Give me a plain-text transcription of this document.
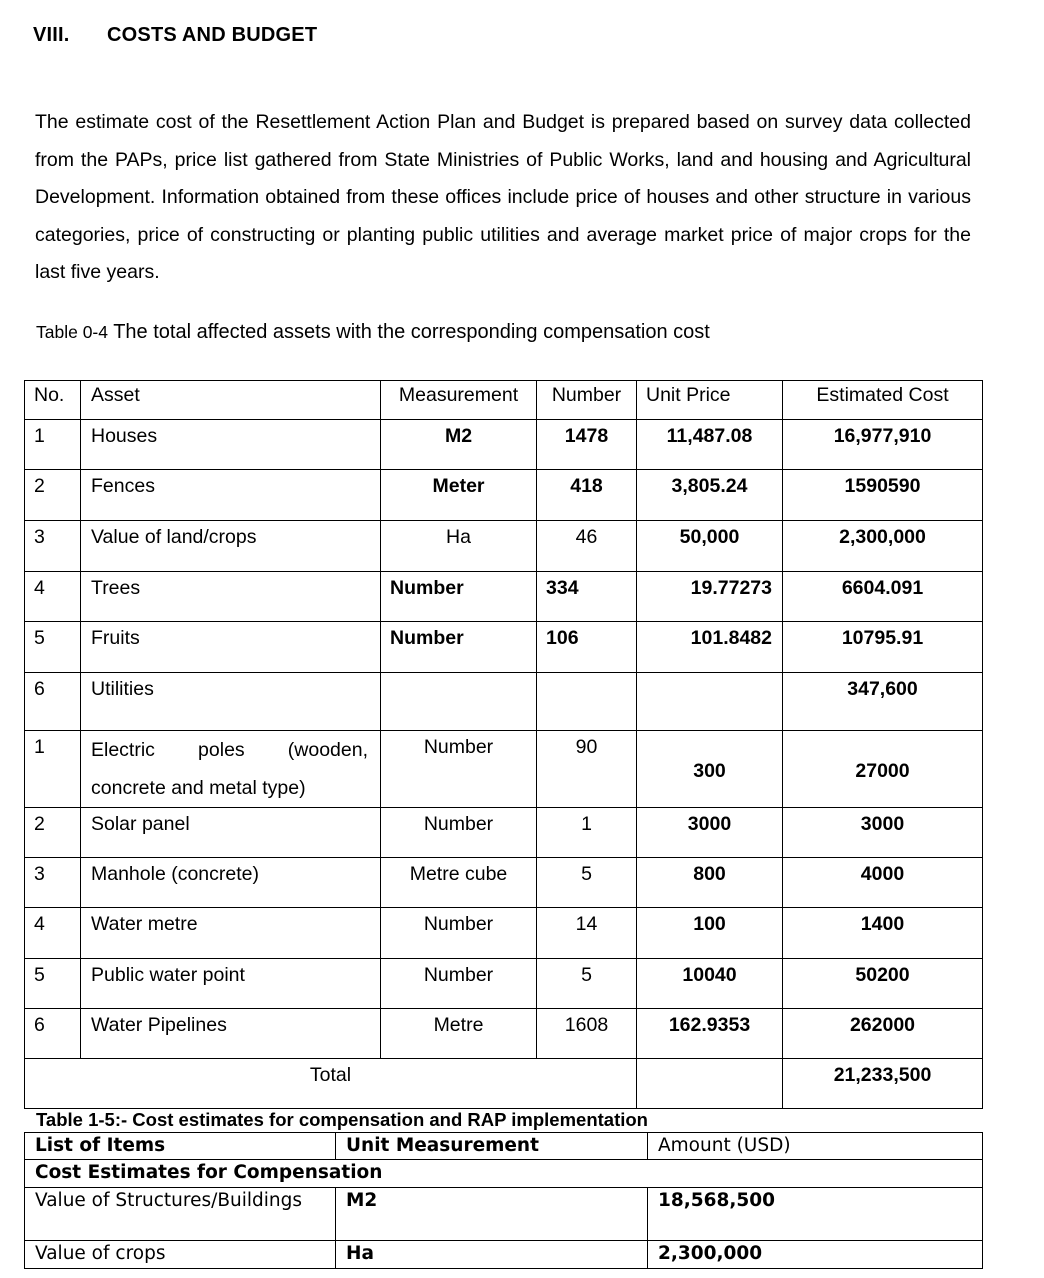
VIII. COSTS AND BUDGET
The estimate cost of the Resettlement Action Plan and Budget is prepared based on survey data collected from the PAPs, price list gathered from State Ministries of Public Works, land and housing and Agricultural Development. Information obtained from these offices include price of houses and other structure in various categories, price of constructing or planting public utilities and average market price of major crops for the last five years.
Table 0-4 The total affected assets with the corresponding compensation cost
No.	Asset	Measurement	Number	Unit Price	Estimated Cost
1	Houses	M2	1478	11,487.08	16,977,910
2	Fences	Meter	418	3,805.24	1590590
3	Value of land/crops	Ha	46	50,000	2,300,000
4	Trees	Number	334	19.77273	6604.091
5	Fruits	Number	106	101.8482	10795.91
6	Utilities				347,600
1	Electric poles (wooden, concrete and metal type)	Number	90	300	27000
2	Solar panel	Number	1	3000	3000
3	Manhole (concrete)	Metre cube	5	800	4000
4	Water metre	Number	14	100	1400
5	Public water point	Number	5	10040	50200
6	Water Pipelines	Metre	1608	162.9353	262000
Total					21,233,500
Table 1-5:- Cost estimates for compensation and RAP implementation
List of Items	Unit Measurement	Amount (USD)
Cost Estimates for Compensation		
Value of Structures/Buildings	M2	18,568,500
Value of crops	Ha	2,300,000
